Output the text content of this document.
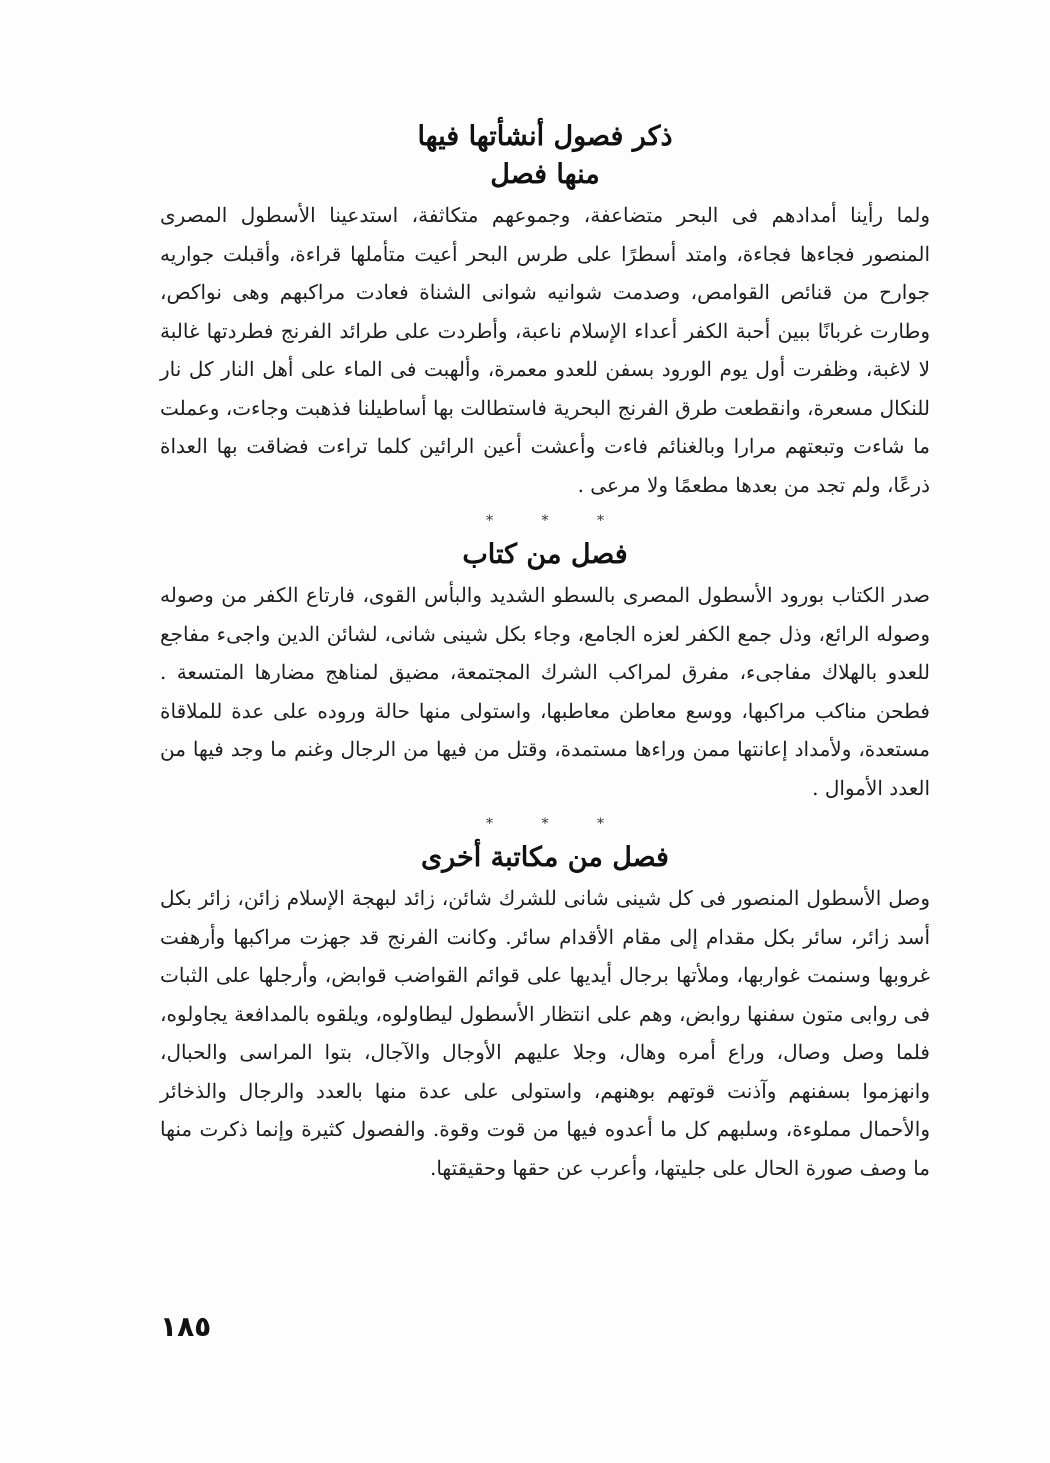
ذكر فصول أنشأتها فيها
منها فصل

ولما رأينا أمدادهم فى البحر متضاعفة، وجموعهم متكاثفة، استدعينا الأسطول المصرى المنصور فجاءها فجاءة، وامتد أسطرًا على طرس البحر أعيت متأملها قراءة، وأقبلت جواريه جوارح من قنائص القوامص، وصدمت شوانيه شوانى الشناة فعادت مراكبهم وهى نواكص، وطارت غربانًا ببين أحبة الكفر أعداء الإسلام ناعبة، وأطردت على طرائد الفرنج فطردتها غالبة لا لاغبة، وظفرت أول يوم الورود بسفن للعدو معمرة، وألهبت فى الماء على أهل النار كل نار للنكال مسعرة، وانقطعت طرق الفرنج البحرية فاستطالت بها أساطيلنا فذهبت وجاءت، وعملت ما شاءت وتبعتهم مرارا وبالغنائم فاءت وأعشت أعين الرائين كلما تراءت فضاقت بها العداة ذرعًا، ولم تجد من بعدها مطعمًا ولا مرعى .

* * *
فصل من كتاب

صدر الكتاب بورود الأسطول المصرى بالسطو الشديد والبأس القوى، فارتاع الكفر من وصوله وصوله الرائع، وذل جمع الكفر لعزه الجامع، وجاء بكل شينى شانى، لشائن الدين واجىء مفاجع للعدو بالهلاك مفاجىء، مفرق لمراكب الشرك المجتمعة، مضيق لمناهج مضارها المتسعة . فطحن مناكب مراكبها، ووسع معاطن معاطبها، واستولى منها حالة وروده على عدة للملاقاة مستعدة، ولأمداد إعانتها ممن وراءها مستمدة، وقتل من فيها من الرجال وغنم ما وجد فيها من العدد الأموال .

* * *
فصل من مكاتبة أخرى

وصل الأسطول المنصور فى كل شينى شانى للشرك شائن، زائد لبهجة الإسلام زائن، زائر بكل أسد زائر، سائر بكل مقدام إلى مقام الأقدام سائر. وكانت الفرنج قد جهزت مراكبها وأرهفت غروبها وسنمت غواربها، وملأتها برجال أيديها على قوائم القواضب قوابض، وأرجلها على الثبات فى روابى متون سفنها روابض، وهم على انتظار الأسطول ليطاولوه، ويلقوه بالمدافعة يجاولوه، فلما وصل وصال، وراع أمره وهال، وجلا عليهم الأوجال والآجال، بتوا المراسى والحبال، وانهزموا بسفنهم وآذنت قوتهم بوهنهم، واستولى على عدة منها بالعدد والرجال والذخائر والأحمال مملوءة، وسلبهم كل ما أعدوه فيها من قوت وقوة. والفصول كثيرة وإنما ذكرت منها ما وصف صورة الحال على جليتها، وأعرب عن حقها وحقيقتها.

١٨٥
